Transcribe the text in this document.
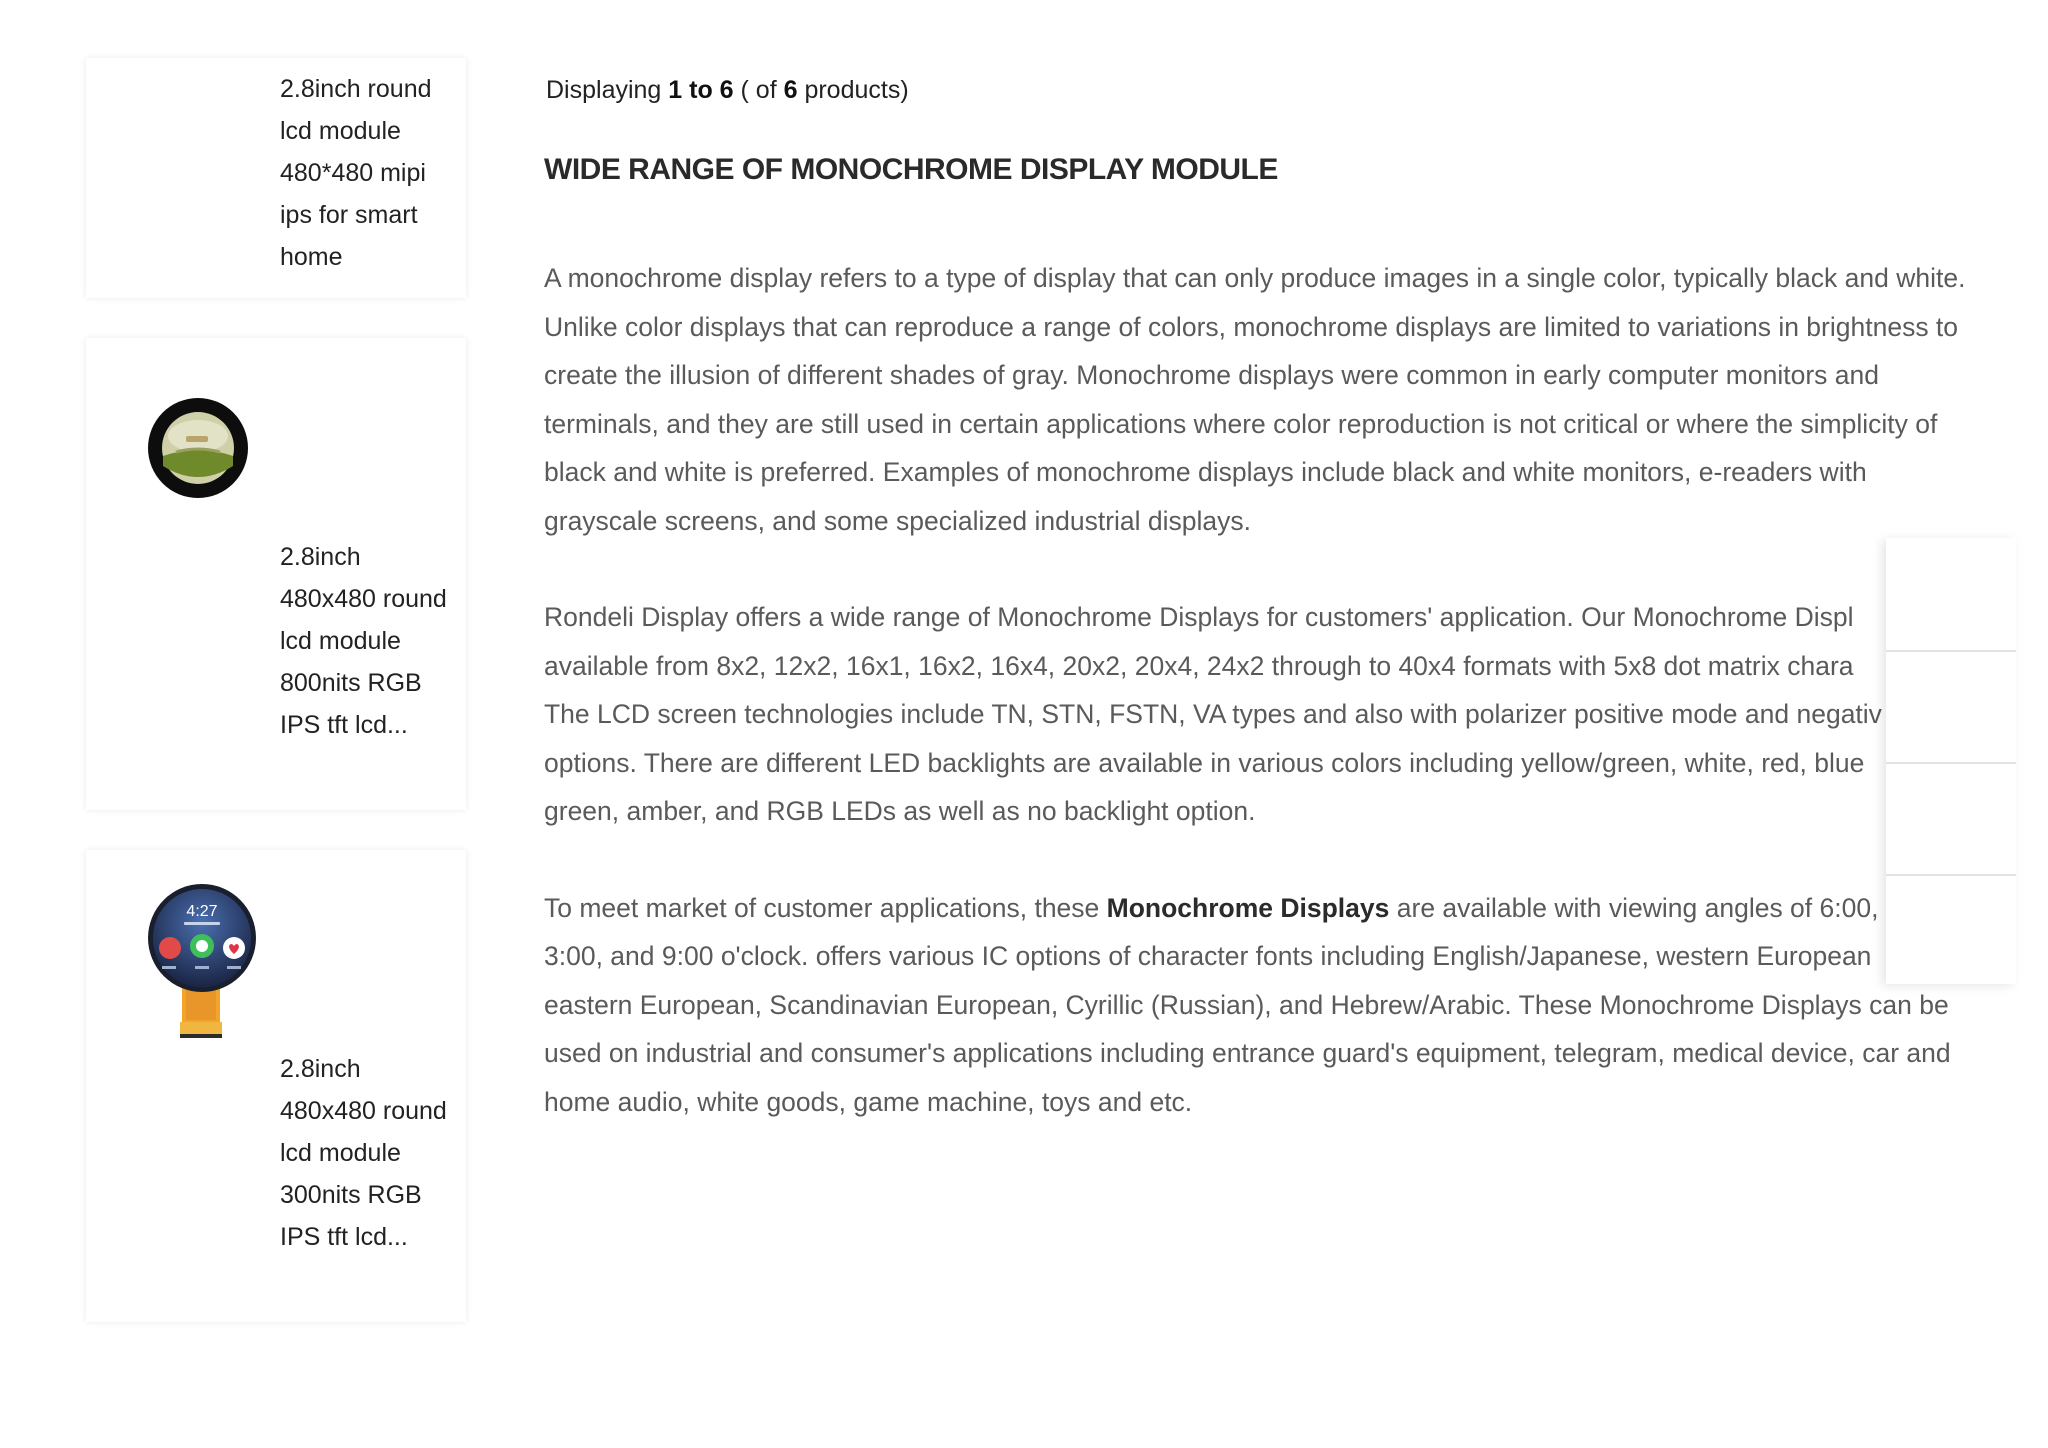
2.8inch round lcd module 480*480 mipi ips for smart home
2.8inch 480x480 round lcd module 800nits RGB IPS tft lcd...
4:27
2.8inch 480x480 round lcd module 300nits RGB IPS tft lcd...

Displaying 1 to 6 ( of 6 products)

WIDE RANGE OF MONOCHROME DISPLAY MODULE

A monochrome display refers to a type of display that can only produce images in a single color, typically black and white. Unlike color displays that can reproduce a range of colors, monochrome displays are limited to variations in brightness to create the illusion of different shades of gray. Monochrome displays were common in early computer monitors and terminals, and they are still used in certain applications where color reproduction is not critical or where the simplicity of black and white is preferred. Examples of monochrome displays include black and white monitors, e-readers with grayscale screens, and some specialized industrial displays.

Rondeli Display offers a wide range of Monochrome Displays for customers' application. Our Monochrome Displ
available from 8x2, 12x2, 16x1, 16x2, 16x4, 20x2, 20x4, 24x2 through to 40x4 formats with 5x8 dot matrix chara
The LCD screen technologies include TN, STN, FSTN, VA types and also with polarizer positive mode and negativ
options. There are different LED backlights are available in various colors including yellow/green, white, red, blue
green, amber, and RGB LEDs as well as no backlight option.

To meet market of customer applications, these Monochrome Displays are available with viewing angles of 6:00,
3:00, and 9:00 o'clock. offers various IC options of character fonts including English/Japanese, western European
eastern European, Scandinavian European, Cyrillic (Russian), and Hebrew/Arabic. These Monochrome Displays can be used on industrial and consumer's applications including entrance guard's equipment, telegram, medical device, car and home audio, white goods, game machine, toys and etc.
